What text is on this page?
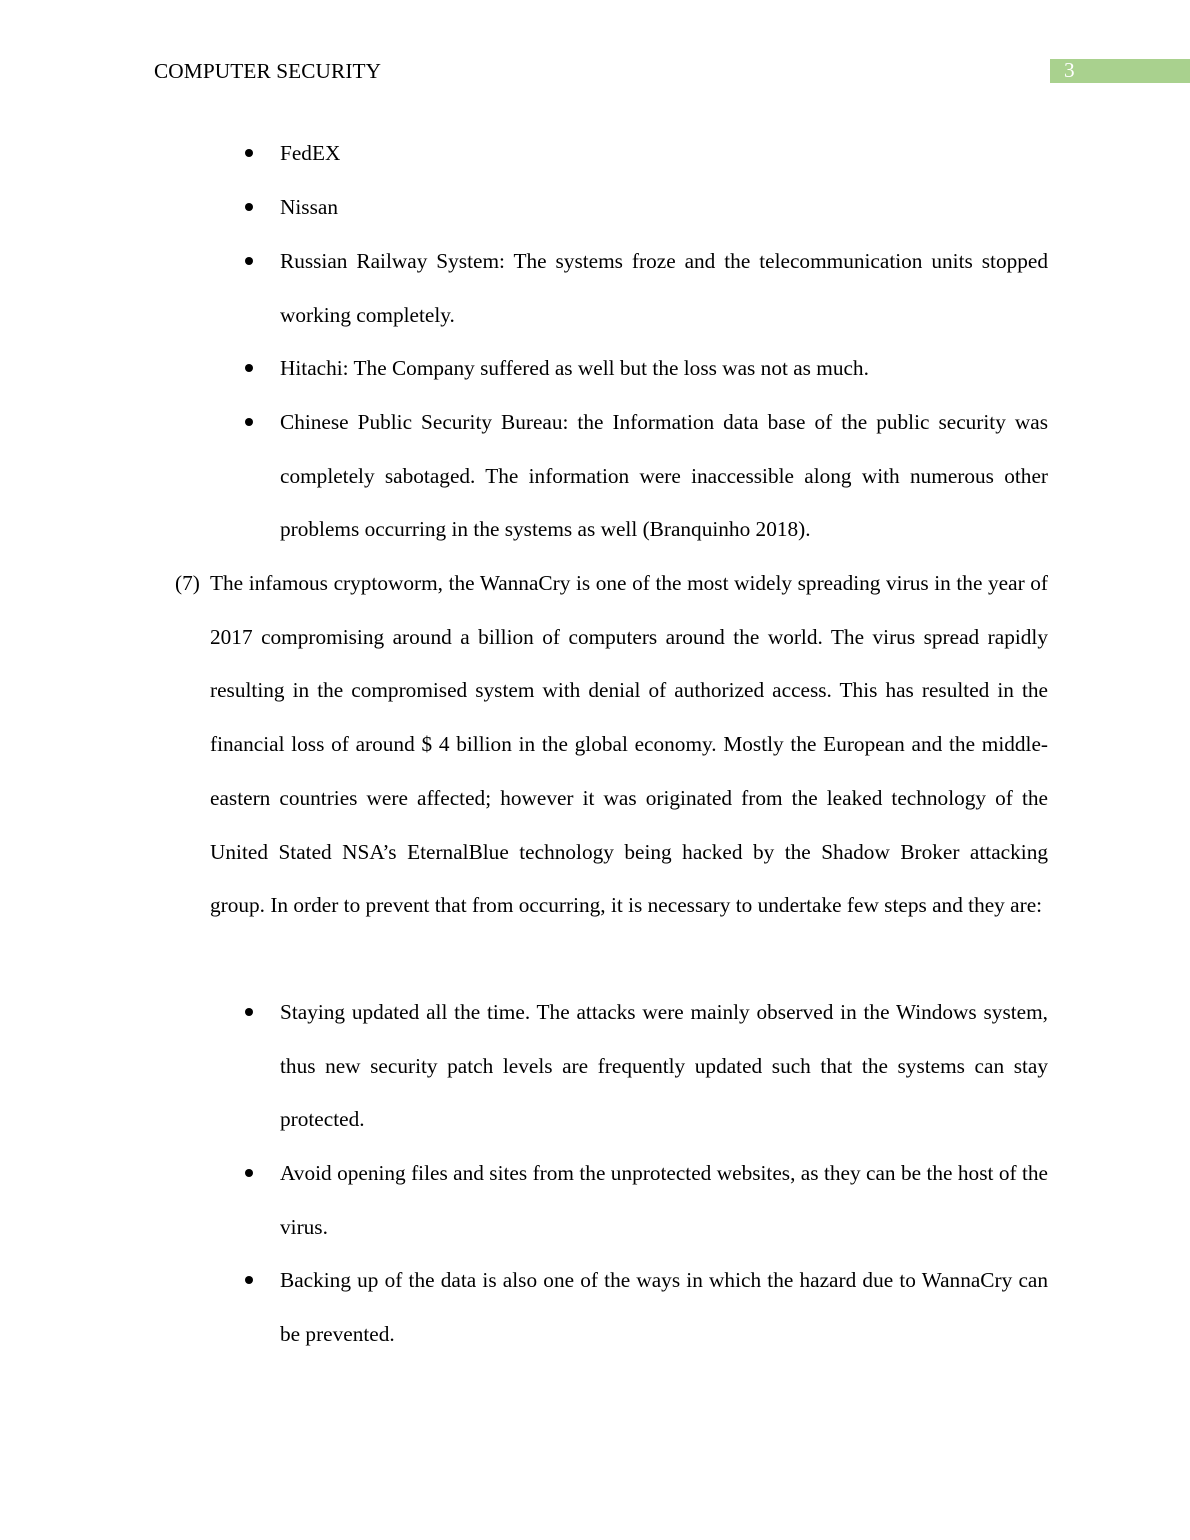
COMPUTER SECURITY	3
FedEX
Nissan
Russian Railway System: The systems froze and the telecommunication units stopped working completely.
Hitachi: The Company suffered as well but the loss was not as much.
Chinese Public Security Bureau: the Information data base of the public security was completely sabotaged. The information were inaccessible along with numerous other problems occurring in the systems as well (Branquinho 2018).
(7) The infamous cryptoworm, the WannaCry is one of the most widely spreading virus in the year of 2017 compromising around a billion of computers around the world. The virus spread rapidly resulting in the compromised system with denial of authorized access. This has resulted in the financial loss of around $ 4 billion in the global economy. Mostly the European and the middle-eastern countries were affected; however it was originated from the leaked technology of the United Stated NSA’s EternalBlue technology being hacked by the Shadow Broker attacking group. In order to prevent that from occurring, it is necessary to undertake few steps and they are:
Staying updated all the time. The attacks were mainly observed in the Windows system, thus new security patch levels are frequently updated such that the systems can stay protected.
Avoid opening files and sites from the unprotected websites, as they can be the host of the virus.
Backing up of the data is also one of the ways in which the hazard due to WannaCry can be prevented.
